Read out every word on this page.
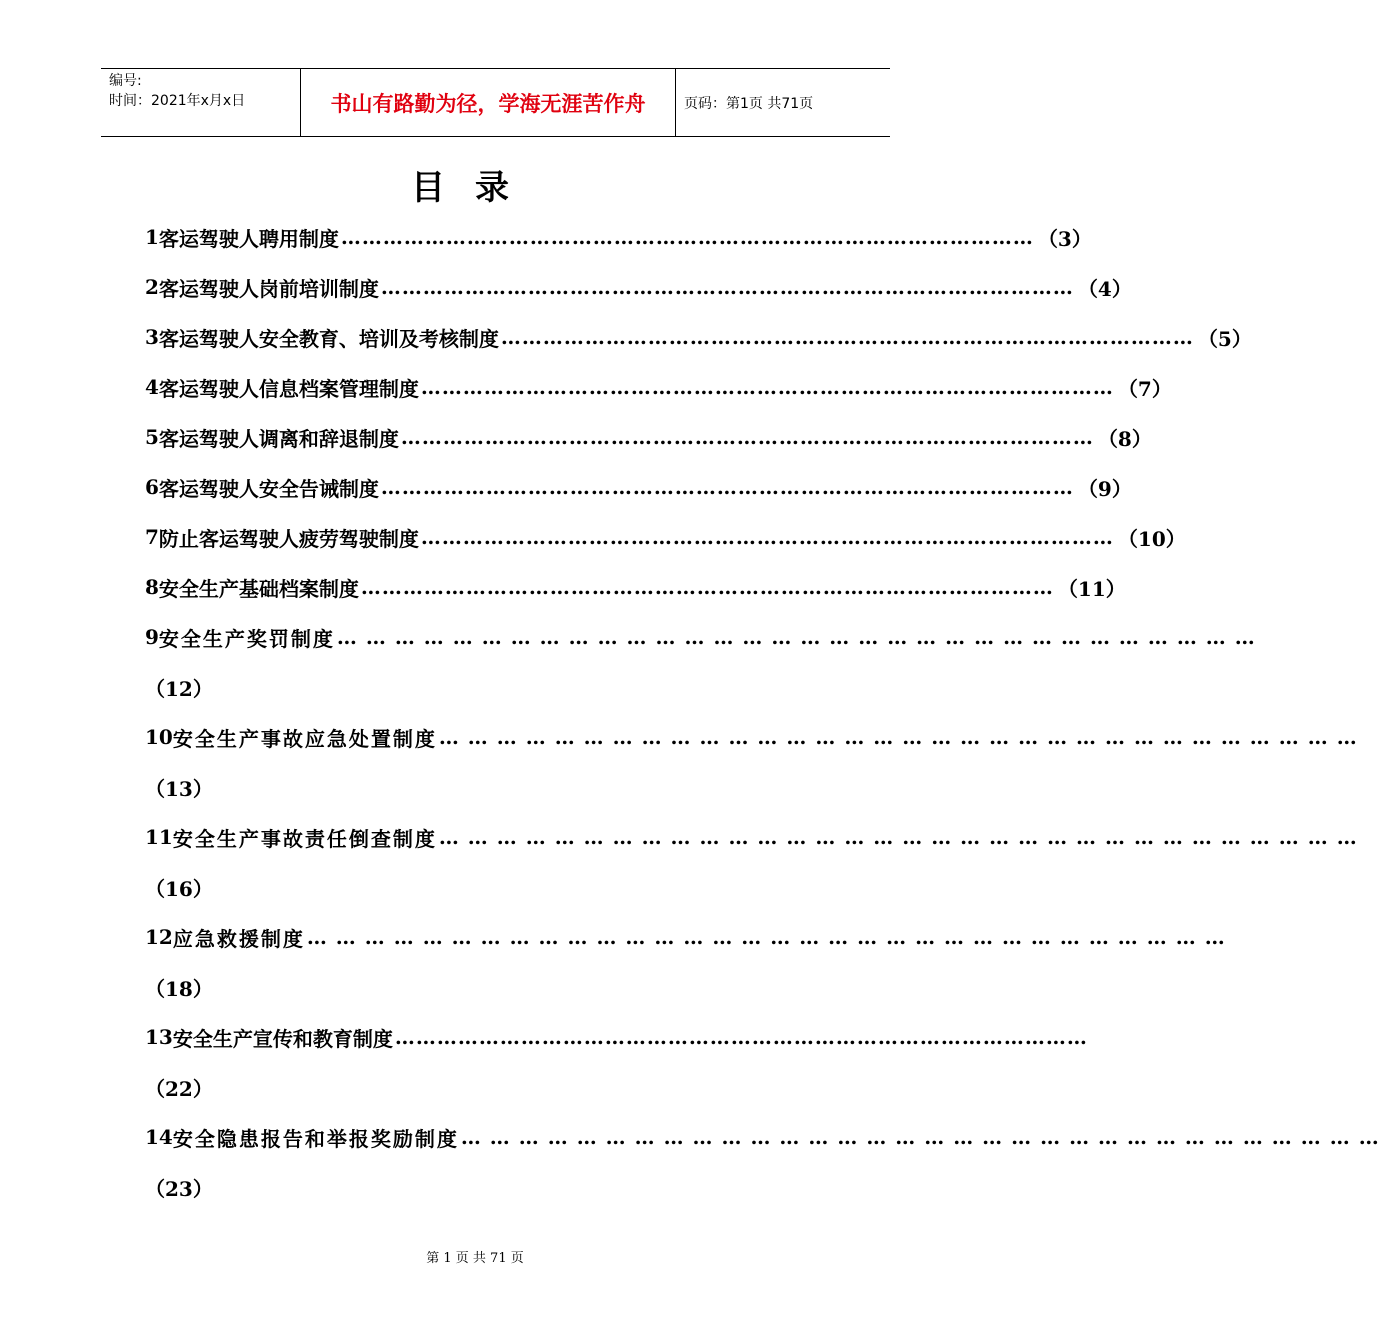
编号:
时间：2021年x月x日	书山有路勤为径，学海无涯苦作舟	页码：第1页 共71页
目录
1 客运驾驶人聘用制度 ……………………………………………………………………………………… （3）
2 客运驾驶人岗前培训制度 ……………………………………………………………………………………… （4）
3 客运驾驶人安全教育、培训及考核制度 ……………………………………………………………………………………… （5）
4 客运驾驶人信息档案管理制度 ……………………………………………………………………………………… （7）
5 客运驾驶人调离和辞退制度 ……………………………………………………………………………………… （8）
6 客运驾驶人安全告诫制度 ……………………………………………………………………………………… （9）
7 防止客运驾驶人疲劳驾驶制度 ……………………………………………………………………………………… （10）
8 安全生产基础档案制度 ……………………………………………………………………………………… （11）
9 安全生产奖罚制度 … … … … … … … … … … … … … … … … … … … … … … … … … … … … … … … …
（12）
10 安全生产事故应急处置制度 … … … … … … … … … … … … … … … … … … … … … … … … … … … … … … … …
（13）
11 安全生产事故责任倒查制度 … … … … … … … … … … … … … … … … … … … … … … … … … … … … … … … …
（16）
12 应急救援制度 … … … … … … … … … … … … … … … … … … … … … … … … … … … … … … … …
（18）
13 安全生产宣传和教育制度 ………………………………………………………………………………………
（22）
14 安全隐患报告和举报奖励制度 … … … … … … … … … … … … … … … … … … … … … … … … … … … … … … … …
（23）
第 1 页 共 71 页
